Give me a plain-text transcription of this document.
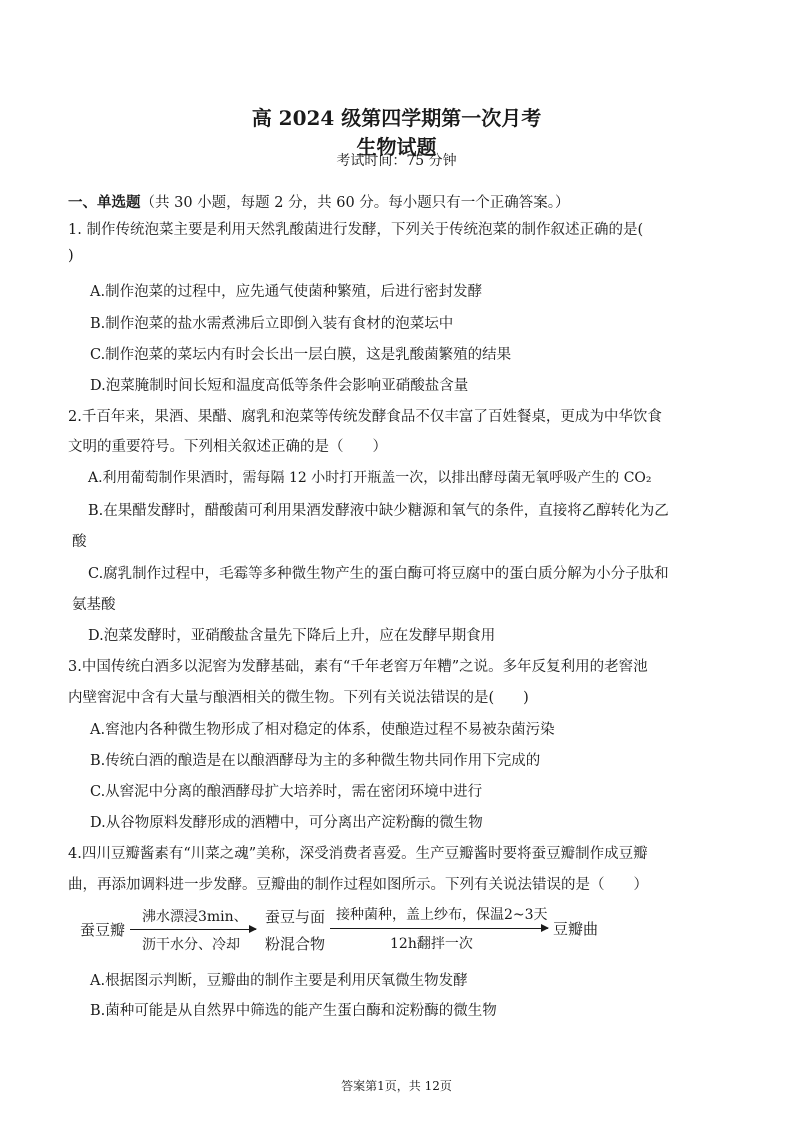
高 2024 级第四学期第一次月考
生物试题
考试时间：75 分钟
一、单选题（共 30 小题，每题 2 分，共 60 分。每小题只有一个正确答案。）
1. 制作传统泡菜主要是利用天然乳酸菌进行发酵，下列关于传统泡菜的制作叙述正确的是(
)
A.制作泡菜的过程中，应先通气使菌种繁殖，后进行密封发酵
B.制作泡菜的盐水需煮沸后立即倒入装有食材的泡菜坛中
C.制作泡菜的菜坛内有时会长出一层白膜，这是乳酸菌繁殖的结果
D.泡菜腌制时间长短和温度高低等条件会影响亚硝酸盐含量
2.千百年来，果酒、果醋、腐乳和泡菜等传统发酵食品不仅丰富了百姓餐桌，更成为中华饮食
文明的重要符号。下列相关叙述正确的是（　　）
A.利用葡萄制作果酒时，需每隔 12 小时打开瓶盖一次，以排出酵母菌无氧呼吸产生的 CO₂
B.在果醋发酵时，醋酸菌可利用果酒发酵液中缺少糖源和氧气的条件，直接将乙醇转化为乙
酸
C.腐乳制作过程中，毛霉等多种微生物产生的蛋白酶可将豆腐中的蛋白质分解为小分子肽和
氨基酸
D.泡菜发酵时，亚硝酸盐含量先下降后上升，应在发酵早期食用
3.中国传统白酒多以泥窖为发酵基础，素有“千年老窖万年糟”之说。多年反复利用的老窖池
内壁窖泥中含有大量与酿酒相关的微生物。下列有关说法错误的是(　　)
A.窖池内各种微生物形成了相对稳定的体系，使酿造过程不易被杂菌污染
B.传统白酒的酿造是在以酿酒酵母为主的多种微生物共同作用下完成的
C.从窖泥中分离的酿酒酵母扩大培养时，需在密闭环境中进行
D.从谷物原料发酵形成的酒糟中，可分离出产淀粉酶的微生物
4.四川豆瓣酱素有“川菜之魂”美称，深受消费者喜爱。生产豆瓣酱时要将蚕豆瓣制作成豆瓣
曲，再添加调料进一步发酵。豆瓣曲的制作过程如图所示。下列有关说法错误的是（　　）
蚕豆瓣
沸水漂浸3min、
沥干水分、冷却
蚕豆与面
粉混合物
接种菌种，盖上纱布，保温2~3天
12h翻拌一次
豆瓣曲
A.根据图示判断，豆瓣曲的制作主要是利用厌氧微生物发酵
B.菌种可能是从自然界中筛选的能产生蛋白酶和淀粉酶的微生物
答案第1页，共 12页
